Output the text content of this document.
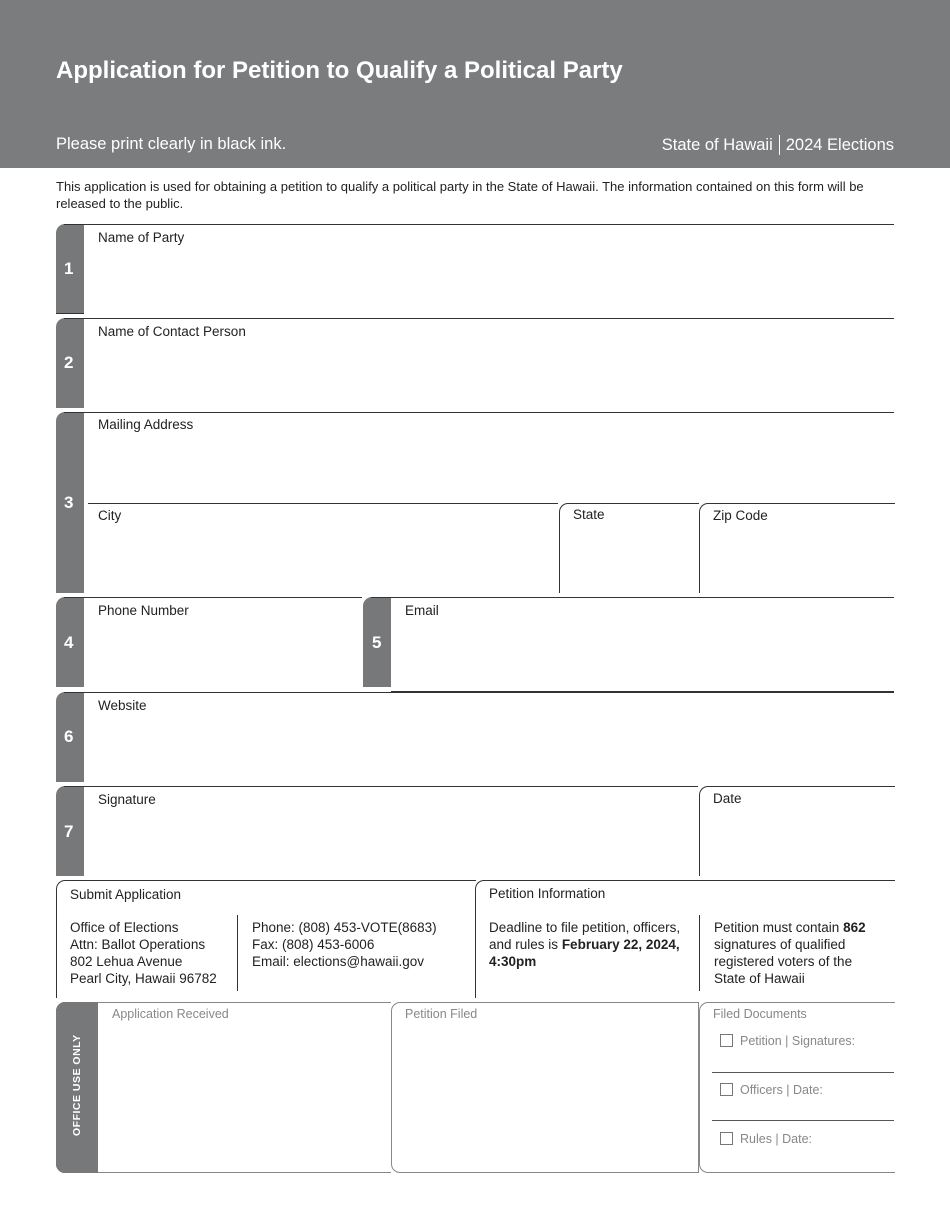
Application for Petition to Qualify a Political Party
Please print clearly in black ink.	State of Hawaii 2024 Elections
This application is used for obtaining a petition to qualify a political party in the State of Hawaii. The information contained on this form will be released to the public.
1
Name of Party
2
Name of Contact Person
3
Mailing Address
City	State	Zip Code
4
Phone Number
5
Email
6
Website
7
Signature	Date
Submit Application
Office of Elections
Attn: Ballot Operations
802 Lehua Avenue
Pearl City, Hawaii 96782
Phone: (808) 453-VOTE(8683)
Fax: (808) 453-6006
Email: elections@hawaii.gov
Petition Information
Deadline to file petition, officers, and rules is February 22, 2024, 4:30pm
Petition must contain 862 signatures of qualified registered voters of the State of Hawaii
OFFICE USE ONLY
Application Received	Petition Filed	Filed Documents
Petition | Signatures:
Officers | Date:
Rules | Date:
